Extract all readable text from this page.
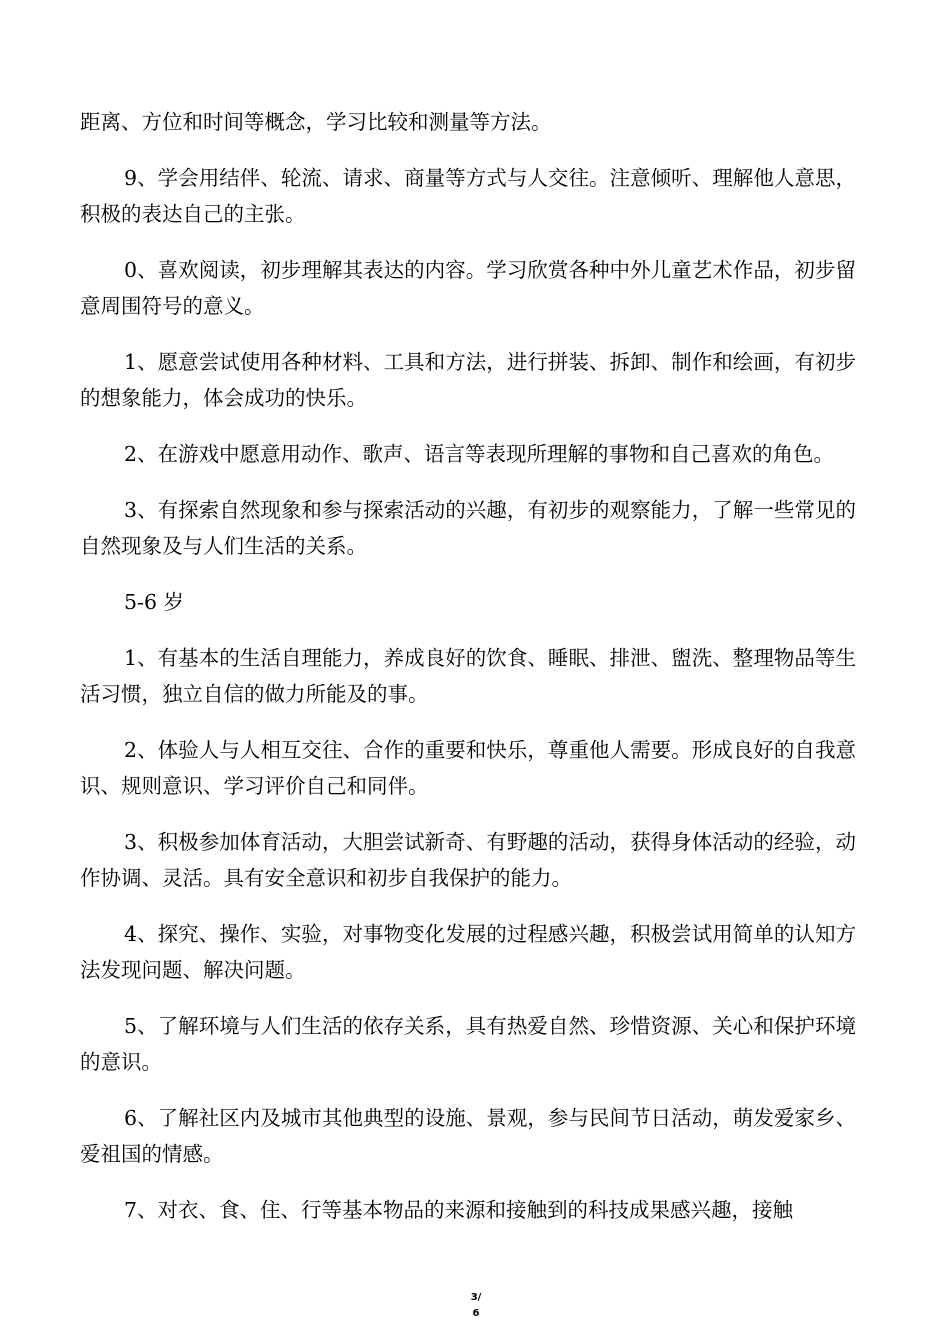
距离、方位和时间等概念，学习比较和测量等方法。

9、学会用结伴、轮流、请求、商量等方式与人交往。注意倾听、理解他人意思，积极的表达自己的主张。

0、喜欢阅读，初步理解其表达的内容。学习欣赏各种中外儿童艺术作品，初步留意周围符号的意义。

1、愿意尝试使用各种材料、工具和方法，进行拼装、拆卸、制作和绘画，有初步的想象能力，体会成功的快乐。

2、在游戏中愿意用动作、歌声、语言等表现所理解的事物和自己喜欢的角色。

3、有探索自然现象和参与探索活动的兴趣，有初步的观察能力，了解一些常见的自然现象及与人们生活的关系。

5-6 岁

1、有基本的生活自理能力，养成良好的饮食、睡眠、排泄、盥洗、整理物品等生活习惯，独立自信的做力所能及的事。

2、体验人与人相互交往、合作的重要和快乐，尊重他人需要。形成良好的自我意识、规则意识、学习评价自己和同伴。

3、积极参加体育活动，大胆尝试新奇、有野趣的活动，获得身体活动的经验，动作协调、灵活。具有安全意识和初步自我保护的能力。

4、探究、操作、实验，对事物变化发展的过程感兴趣，积极尝试用简单的认知方法发现问题、解决问题。

5、了解环境与人们生活的依存关系，具有热爱自然、珍惜资源、关心和保护环境的意识。

6、了解社区内及城市其他典型的设施、景观，参与民间节日活动，萌发爱家乡、爱祖国的情感。

7、对衣、食、住、行等基本物品的来源和接触到的科技成果感兴趣，接触

3/
6
